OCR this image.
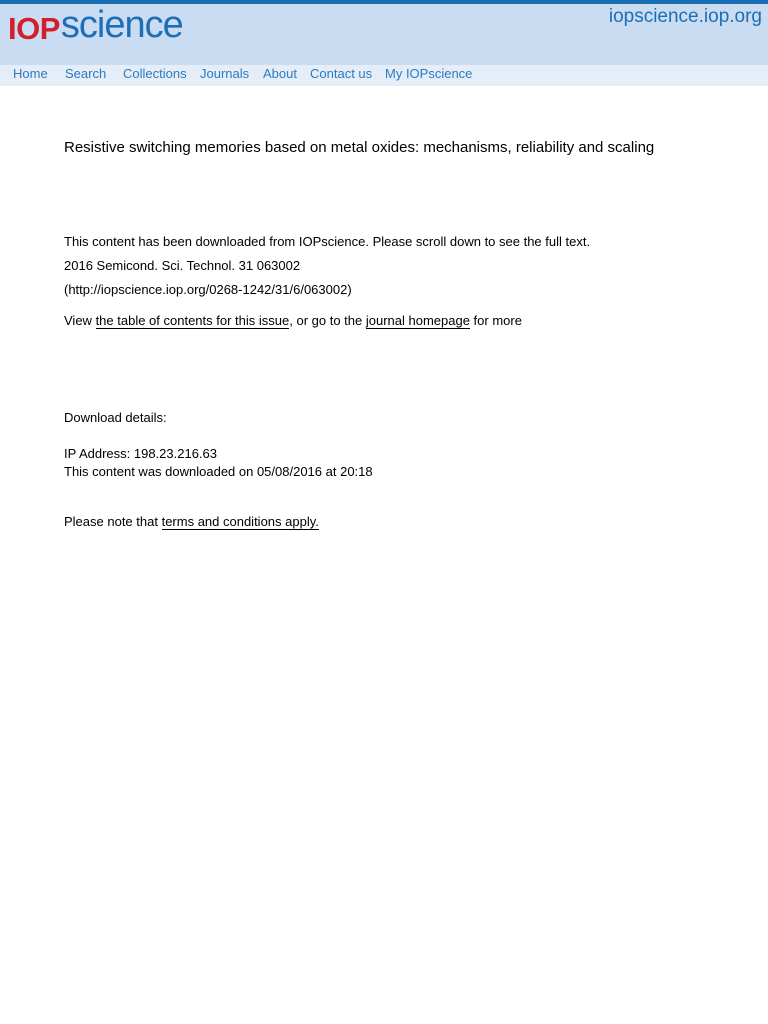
IOP science	iopscience.iop.org
Home Search Collections Journals About Contact us My IOPscience
Resistive switching memories based on metal oxides: mechanisms, reliability and scaling
This content has been downloaded from IOPscience. Please scroll down to see the full text.
2016 Semicond. Sci. Technol. 31 063002
(http://iopscience.iop.org/0268-1242/31/6/063002)
View the table of contents for this issue, or go to the journal homepage for more
Download details:
IP Address: 198.23.216.63
This content was downloaded on 05/08/2016 at 20:18
Please note that terms and conditions apply.
